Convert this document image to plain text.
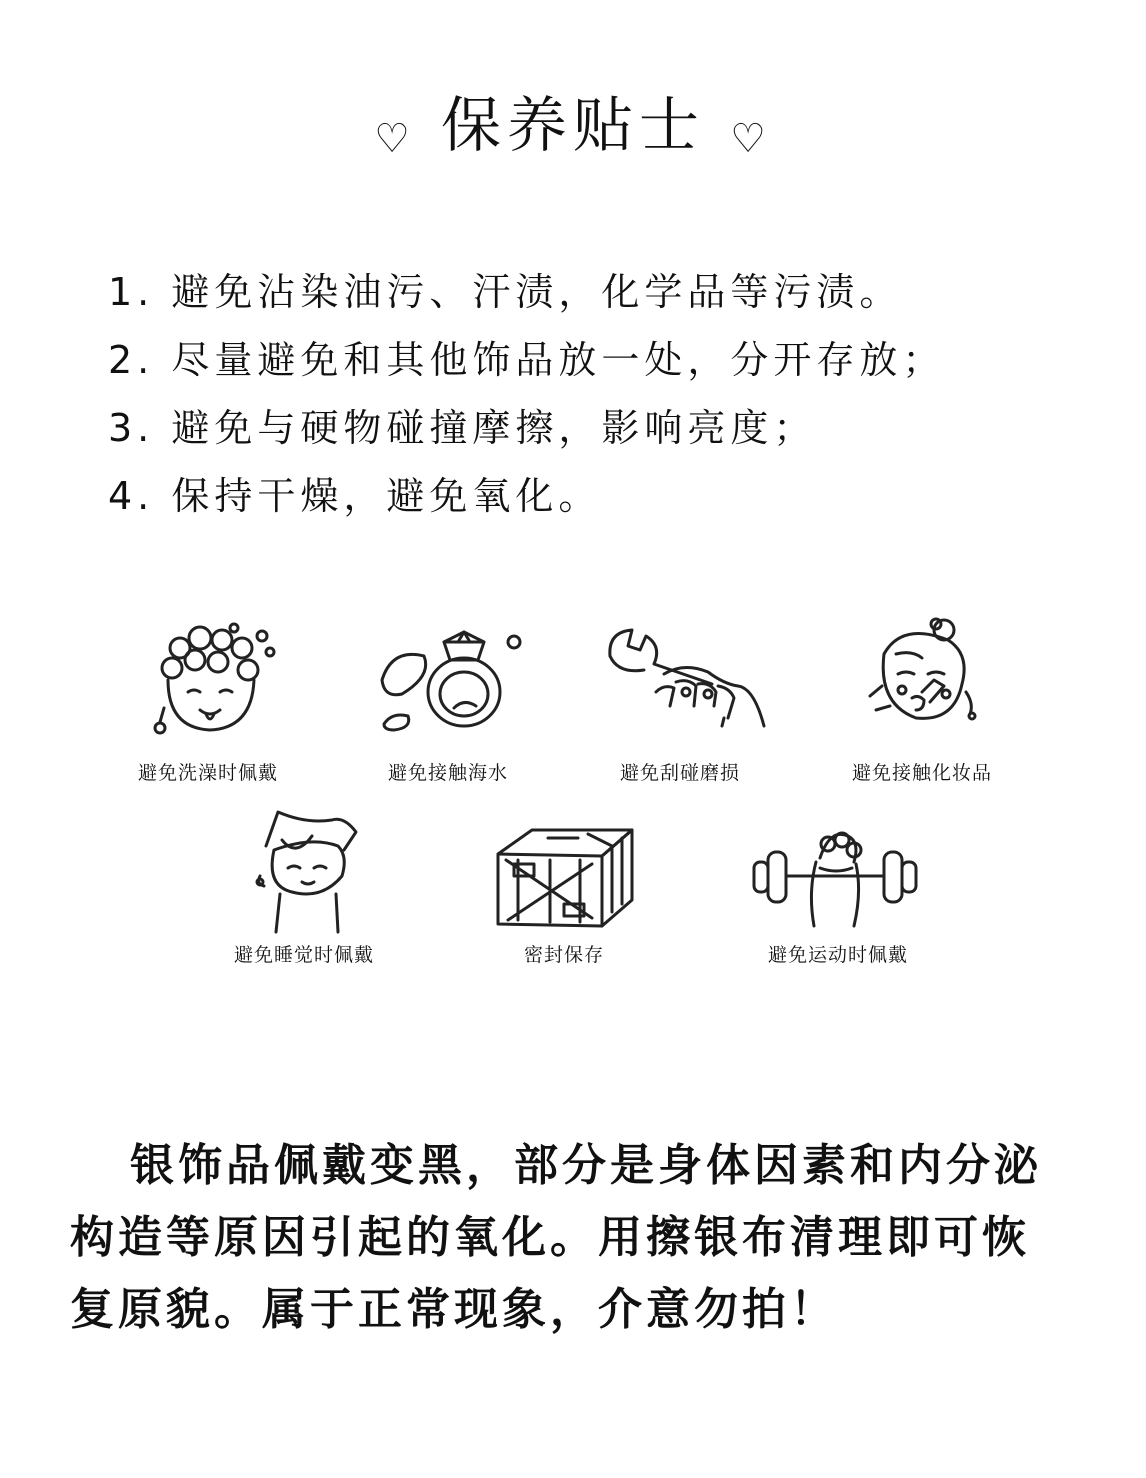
♡ 保养贴士 ♡
1. 避免沾染油污、汗渍，化学品等污渍。
2. 尽量避免和其他饰品放一处，分开存放；
3. 避免与硬物碰撞摩擦，影响亮度；
4. 保持干燥，避免氧化。
避免洗澡时佩戴	避免接触海水	避免刮碰磨损	避免接触化妆品
避免睡觉时佩戴	密封保存	避免运动时佩戴

银饰品佩戴变黑，部分是身体因素和内分泌

构造等原因引起的氧化。用擦银布清理即可恢

复原貌。属于正常现象，介意勿拍！
